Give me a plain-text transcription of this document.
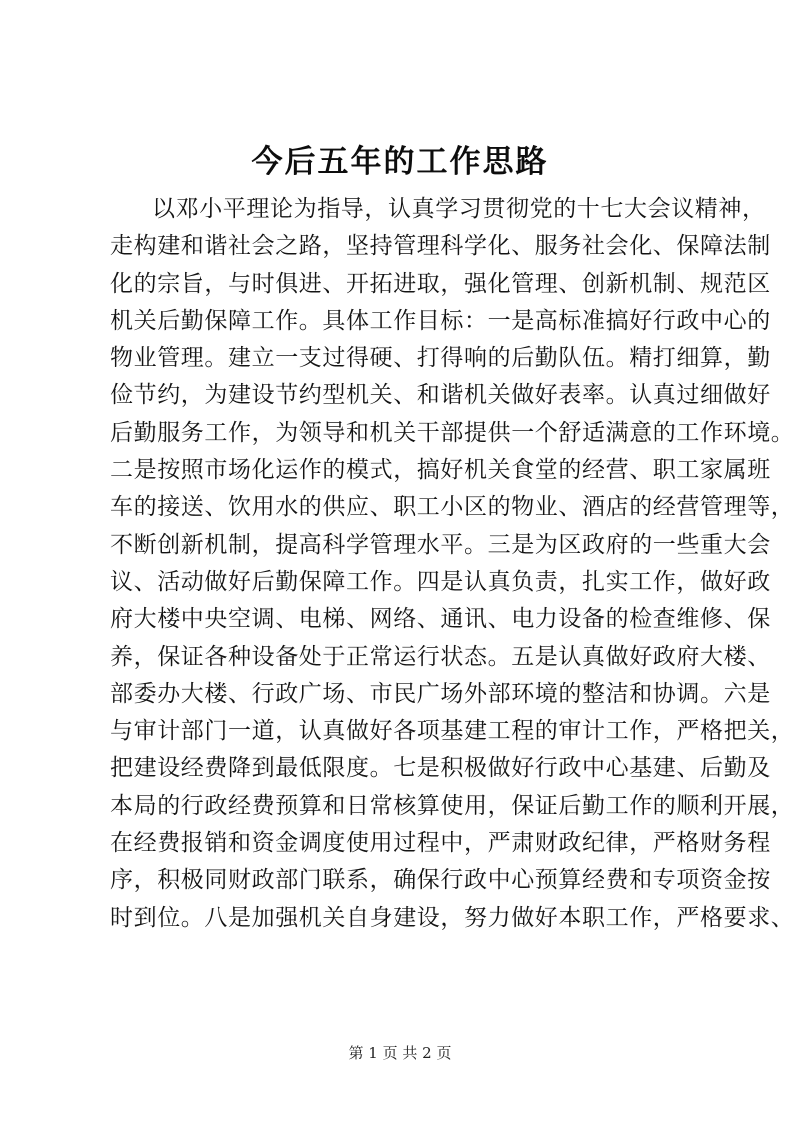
今后五年的工作思路
以邓小平理论为指导，认真学习贯彻党的十七大会议精神，
走构建和谐社会之路，坚持管理科学化、服务社会化、保障法制
化的宗旨，与时俱进、开拓进取，强化管理、创新机制、规范区
机关后勤保障工作。具体工作目标：一是高标准搞好行政中心的
物业管理。建立一支过得硬、打得响的后勤队伍。精打细算，勤
俭节约，为建设节约型机关、和谐机关做好表率。认真过细做好
后勤服务工作，为领导和机关干部提供一个舒适满意的工作环境。
二是按照市场化运作的模式，搞好机关食堂的经营、职工家属班
车的接送、饮用水的供应、职工小区的物业、酒店的经营管理等，
不断创新机制，提高科学管理水平。三是为区政府的一些重大会
议、活动做好后勤保障工作。四是认真负责，扎实工作，做好政
府大楼中央空调、电梯、网络、通讯、电力设备的检查维修、保
养，保证各种设备处于正常运行状态。五是认真做好政府大楼、
部委办大楼、行政广场、市民广场外部环境的整洁和协调。六是
与审计部门一道，认真做好各项基建工程的审计工作，严格把关，
把建设经费降到最低限度。七是积极做好行政中心基建、后勤及
本局的行政经费预算和日常核算使用，保证后勤工作的顺利开展，
在经费报销和资金调度使用过程中，严肃财政纪律，严格财务程
序，积极同财政部门联系，确保行政中心预算经费和专项资金按
时到位。八是加强机关自身建设，努力做好本职工作，严格要求、
第 1 页 共 2 页
